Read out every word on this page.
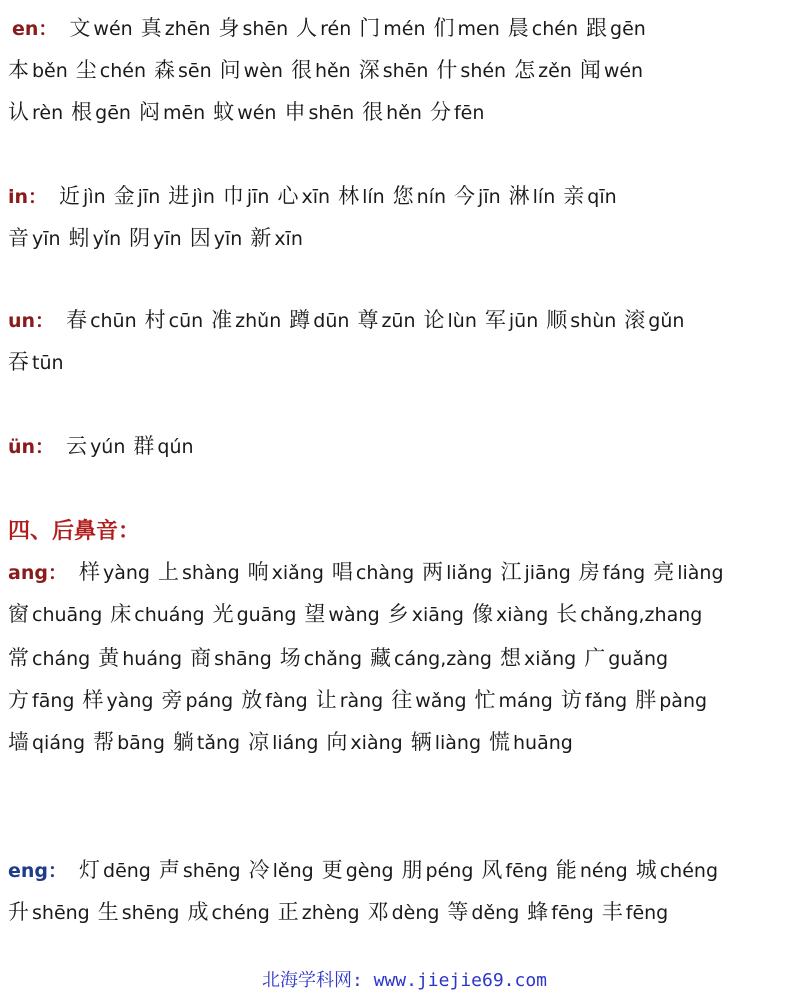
en： 文 wén 真 zhēn 身 shēn 人 rén 门 mén 们 men 晨 chén 跟 gēn
本 běn 尘 chén 森 sēn 问 wèn 很 hěn 深 shēn 什 shén 怎 zěn 闻 wén
认 rèn 根 gēn 闷 mēn 蚊 wén 申 shēn 很 hěn 分 fēn
in： 近 jìn 金 jīn 进 jìn 巾 jīn 心 xīn 林 lín 您 nín 今 jīn 淋 lín 亲 qīn
音 yīn 蚓 yǐn 阴 yīn 因 yīn 新 xīn
un： 春 chūn 村 cūn 准 zhǔn 蹲 dūn 尊 zūn 论 lùn 军 jūn 顺 shùn 滚 gǔn
吞 tūn
ün： 云 yún 群 qún
ang： 样 yàng 上 shàng 响 xiǎng 唱 chàng 两 liǎng 江 jiāng 房 fáng 亮 liàng
窗 chuāng 床 chuáng 光 guāng 望 wàng 乡 xiāng 像 xiàng 长 chǎng,zhang
常 cháng 黄 huáng 商 shāng 场 chǎng 藏 cáng,zàng 想 xiǎng 广 guǎng
方 fāng 样 yàng 旁 páng 放 fàng 让 ràng 往 wǎng 忙 máng 访 fǎng 胖 pàng
墙 qiáng 帮 bāng 躺 tǎng 凉 liáng 向 xiàng 辆 liàng 慌 huāng
eng： 灯 dēng 声 shēng 冷 lěng 更 gèng 朋 péng 风 fēng 能 néng 城 chéng
升 shēng 生 shēng 成 chéng 正 zhèng 邓 dèng 等 děng 蜂 fēng 丰 fēng
四、后鼻音：
北海学科网: www.jiejie69.com
